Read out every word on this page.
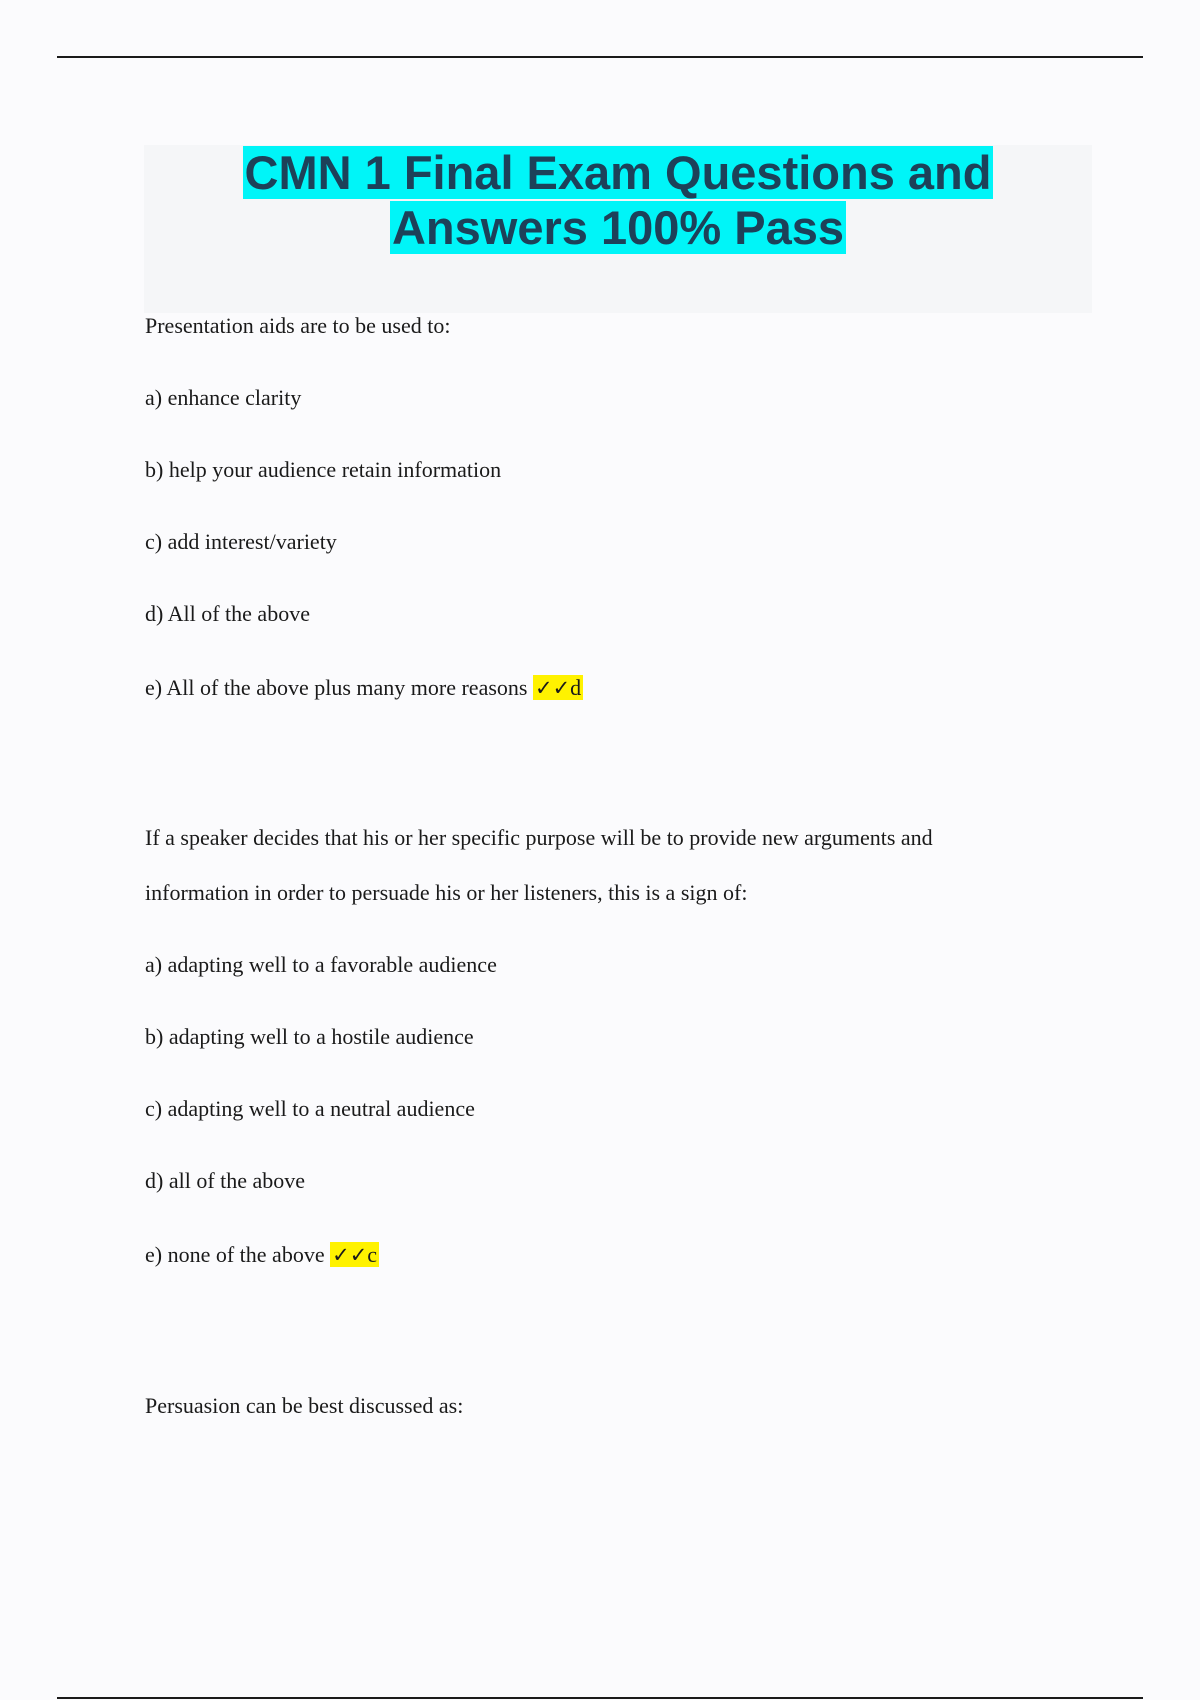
CMN 1 Final Exam Questions and
Answers 100% Pass
Presentation aids are to be used to:
a) enhance clarity
b) help your audience retain information
c) add interest/variety
d) All of the above
e) All of the above plus many more reasons ✓✓d
If a speaker decides that his or her specific purpose will be to provide new arguments and
information in order to persuade his or her listeners, this is a sign of:
a) adapting well to a favorable audience
b) adapting well to a hostile audience
c) adapting well to a neutral audience
d) all of the above
e) none of the above ✓✓c
Persuasion can be best discussed as:
